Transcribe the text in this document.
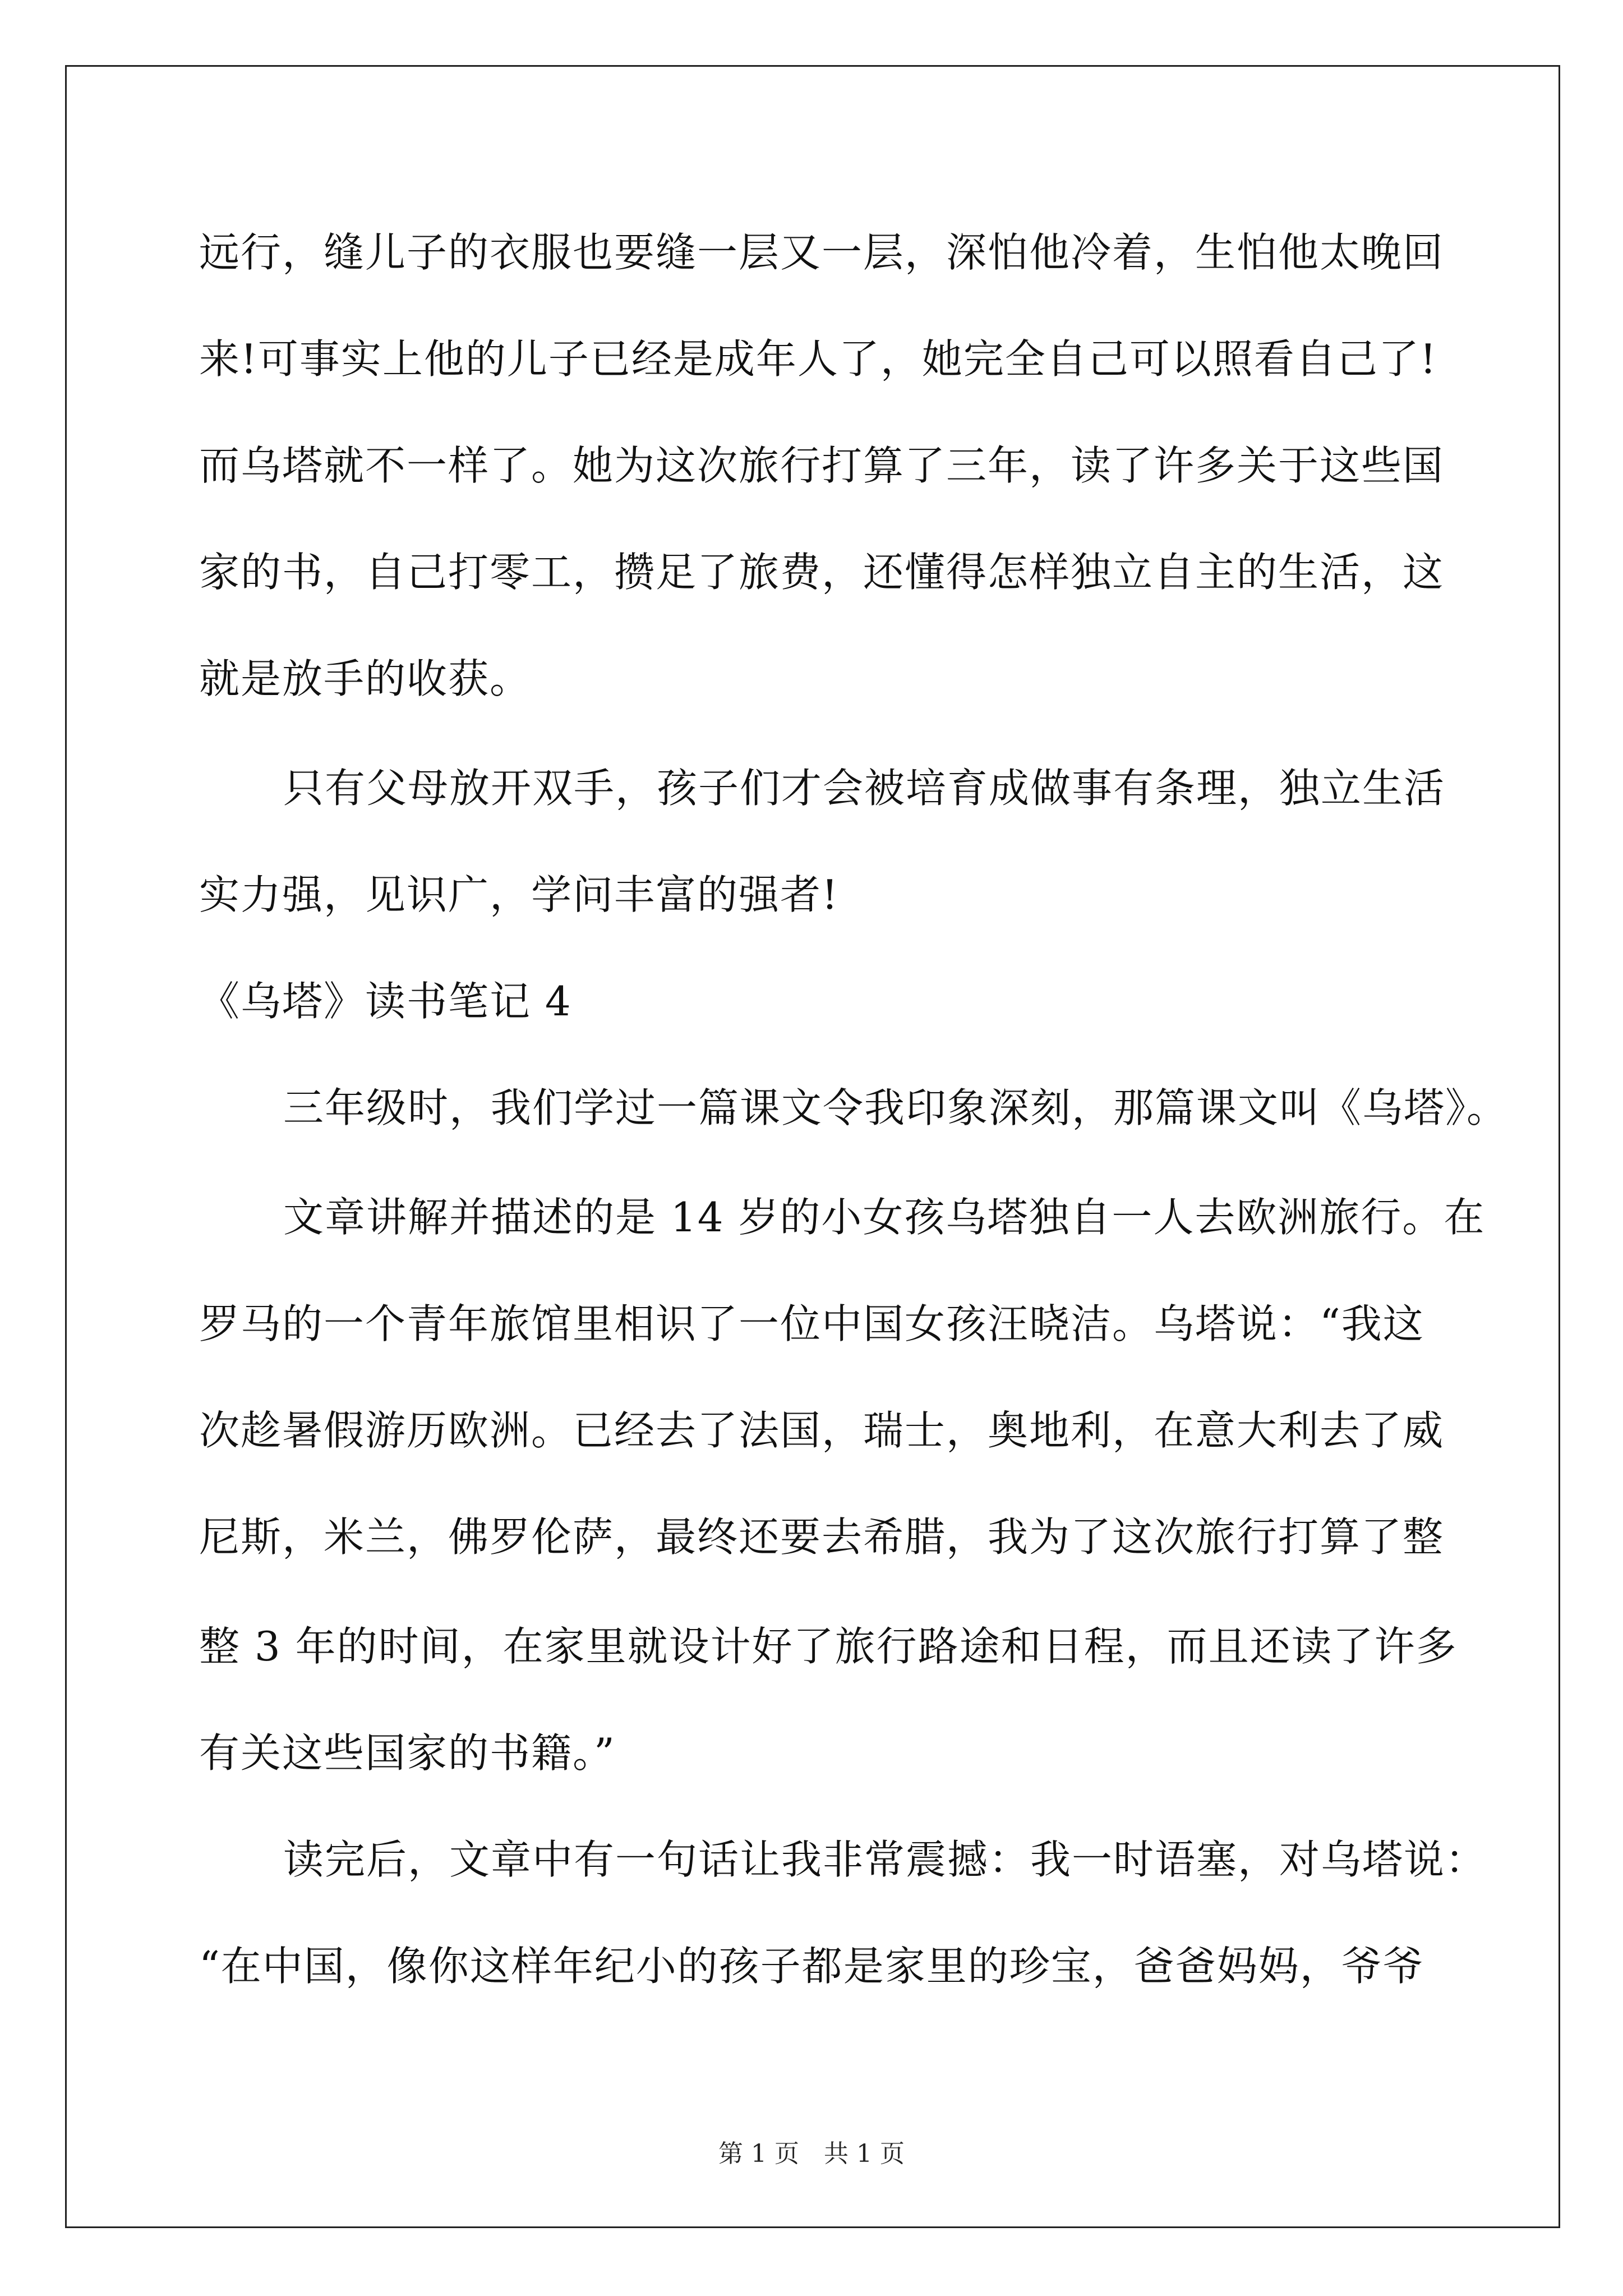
远行，缝儿子的衣服也要缝一层又一层，深怕他冷着，生怕他太晚回

来!可事实上他的儿子已经是成年人了，她完全自己可以照看自己了!

而乌塔就不一样了。她为这次旅行打算了三年，读了许多关于这些国

家的书，自己打零工，攒足了旅费，还懂得怎样独立自主的生活，这

就是放手的收获。

只有父母放开双手，孩子们才会被培育成做事有条理，独立生活

实力强，见识广，学问丰富的强者!

《乌塔》读书笔记 4

三年级时，我们学过一篇课文令我印象深刻，那篇课文叫《乌塔》。

文章讲解并描述的是 14 岁的小女孩乌塔独自一人去欧洲旅行。在

罗马的一个青年旅馆里相识了一位中国女孩汪晓洁。乌塔说：“我这

次趁暑假游历欧洲。已经去了法国，瑞士，奥地利，在意大利去了威

尼斯，米兰，佛罗伦萨，最终还要去希腊，我为了这次旅行打算了整

整 3 年的时间，在家里就设计好了旅行路途和日程，而且还读了许多

有关这些国家的书籍。”

读完后，文章中有一句话让我非常震撼：我一时语塞，对乌塔说：

“在中国，像你这样年纪小的孩子都是家里的珍宝，爸爸妈妈，爷爷

第 1 页 共 1 页
